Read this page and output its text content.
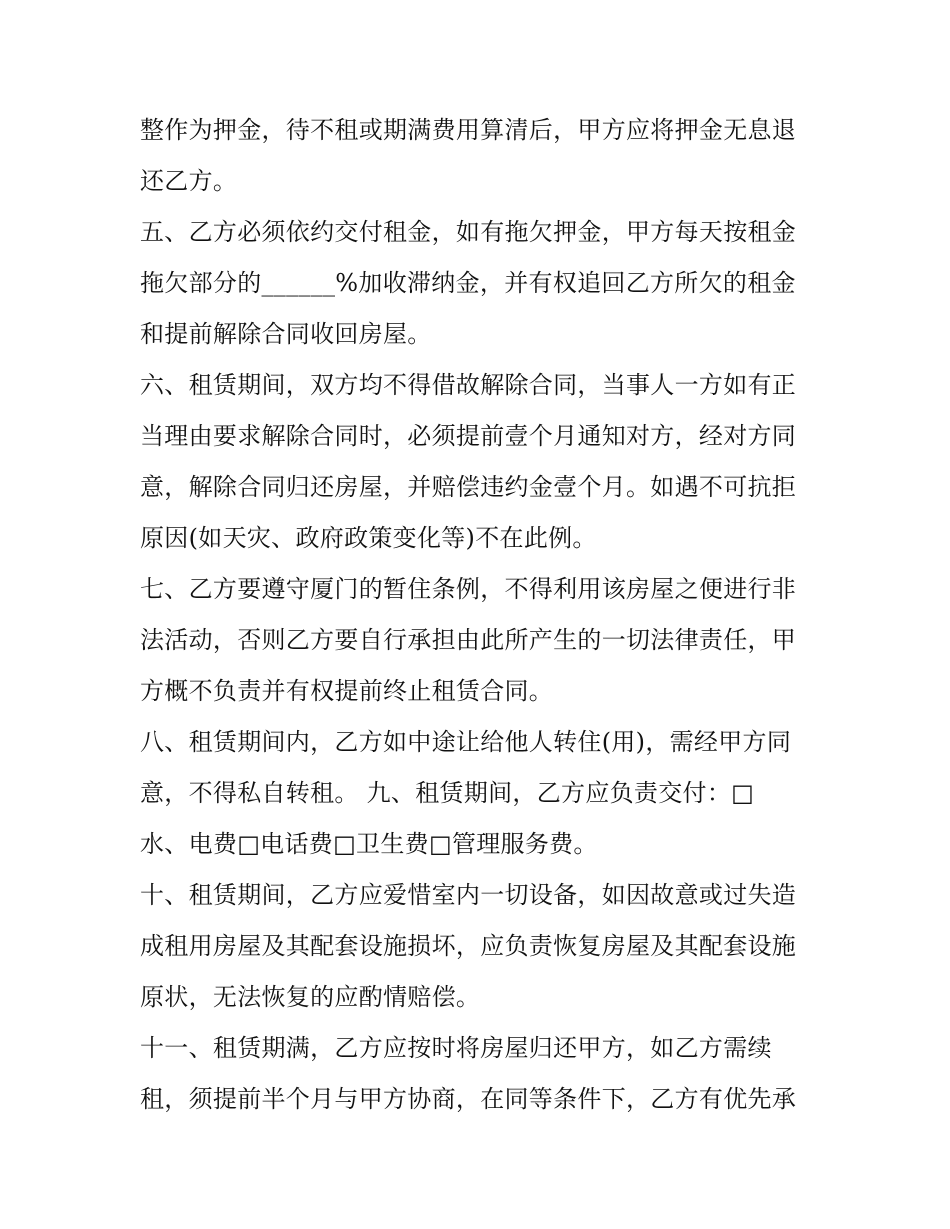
整作为押金，待不租或期满费用算清后，甲方应将押金无息退
还乙方。
五、乙方必须依约交付租金，如有拖欠押金，甲方每天按租金
拖欠部分的______%加收滞纳金，并有权追回乙方所欠的租金
和提前解除合同收回房屋。
六、租赁期间，双方均不得借故解除合同，当事人一方如有正
当理由要求解除合同时，必须提前壹个月通知对方，经对方同
意，解除合同归还房屋，并赔偿违约金壹个月。如遇不可抗拒
原因(如天灾、政府政策变化等)不在此例。
七、乙方要遵守厦门的暂住条例，不得利用该房屋之便进行非
法活动，否则乙方要自行承担由此所产生的一切法律责任，甲
方概不负责并有权提前终止租赁合同。
八、租赁期间内，乙方如中途让给他人转住(用)，需经甲方同
意，不得私自转租。 九、租赁期间，乙方应负责交付：□
水、电费□电话费□卫生费□管理服务费。
十、租赁期间，乙方应爱惜室内一切设备，如因故意或过失造
成租用房屋及其配套设施损坏，应负责恢复房屋及其配套设施
原状，无法恢复的应酌情赔偿。
十一、租赁期满，乙方应按时将房屋归还甲方，如乙方需续
租，须提前半个月与甲方协商，在同等条件下，乙方有优先承
